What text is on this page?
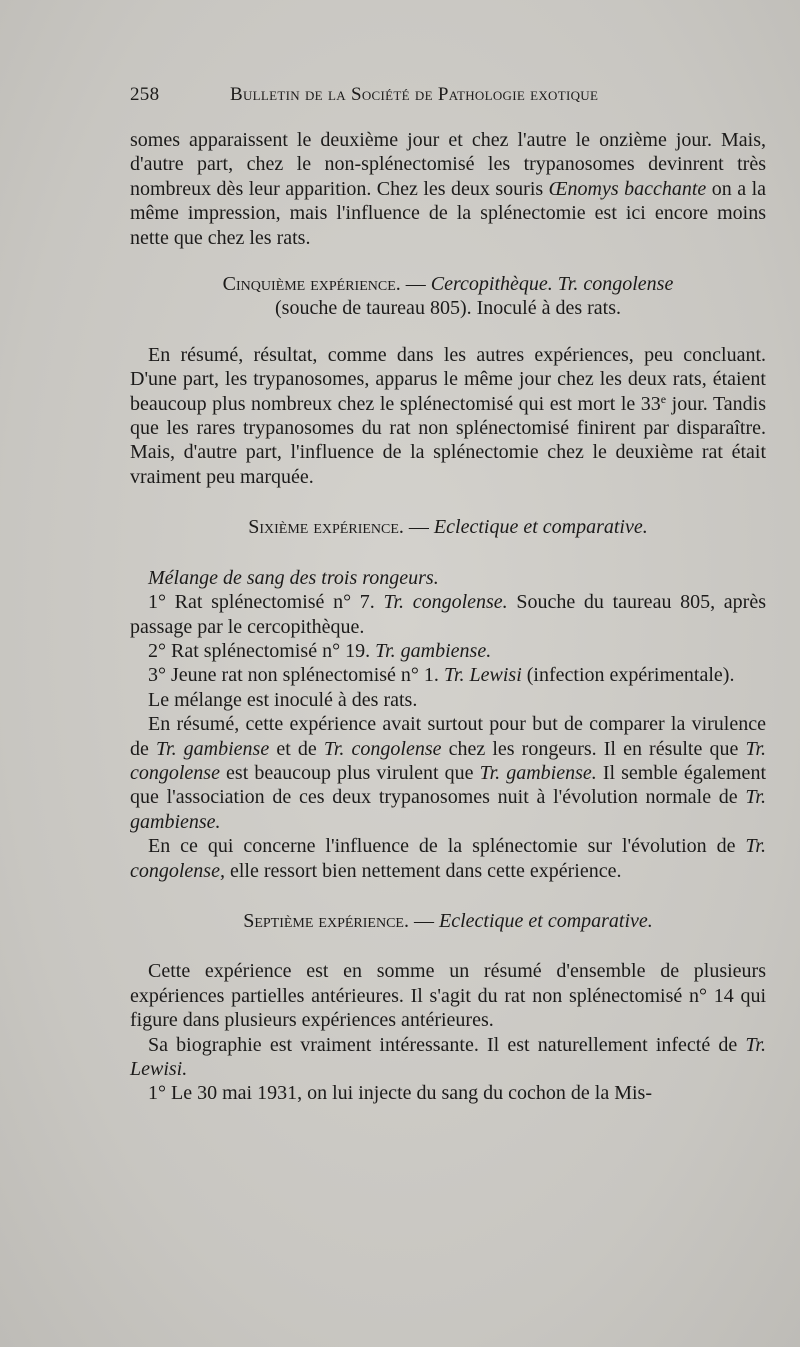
258	Bulletin de la Société de Pathologie exotique

somes apparaissent le deuxième jour et chez l'autre le onzième jour. Mais, d'autre part, chez le non-splénectomisé les trypanosomes devinrent très nombreux dès leur apparition. Chez les deux souris Œnomys bacchante on a la même impression, mais l'influence de la splénectomie est ici encore moins nette que chez les rats.

Cinquième expérience. — Cercopithèque. Tr. congolense
(souche de taureau 805). Inoculé à des rats.

En résumé, résultat, comme dans les autres expériences, peu concluant. D'une part, les trypanosomes, apparus le même jour chez les deux rats, étaient beaucoup plus nombreux chez le splénectomisé qui est mort le 33e jour. Tandis que les rares trypanosomes du rat non splénectomisé finirent par disparaître. Mais, d'autre part, l'influence de la splénectomie chez le deuxième rat était vraiment peu marquée.

Sixième expérience. — Eclectique et comparative.

Mélange de sang des trois rongeurs.

1° Rat splénectomisé n° 7. Tr. congolense. Souche du taureau 805, après passage par le cercopithèque.

2° Rat splénectomisé n° 19. Tr. gambiense.

3° Jeune rat non splénectomisé n° 1. Tr. Lewisi (infection expérimentale).

Le mélange est inoculé à des rats.

En résumé, cette expérience avait surtout pour but de comparer la virulence de Tr. gambiense et de Tr. congolense chez les rongeurs. Il en résulte que Tr. congolense est beaucoup plus virulent que Tr. gambiense. Il semble également que l'association de ces deux trypanosomes nuit à l'évolution normale de Tr. gambiense.

En ce qui concerne l'influence de la splénectomie sur l'évolution de Tr. congolense, elle ressort bien nettement dans cette expérience.

Septième expérience. — Eclectique et comparative.

Cette expérience est en somme un résumé d'ensemble de plusieurs expériences partielles antérieures. Il s'agit du rat non splénectomisé n° 14 qui figure dans plusieurs expériences antérieures.

Sa biographie est vraiment intéressante. Il est naturellement infecté de Tr. Lewisi.

1° Le 30 mai 1931, on lui injecte du sang du cochon de la Mis-
